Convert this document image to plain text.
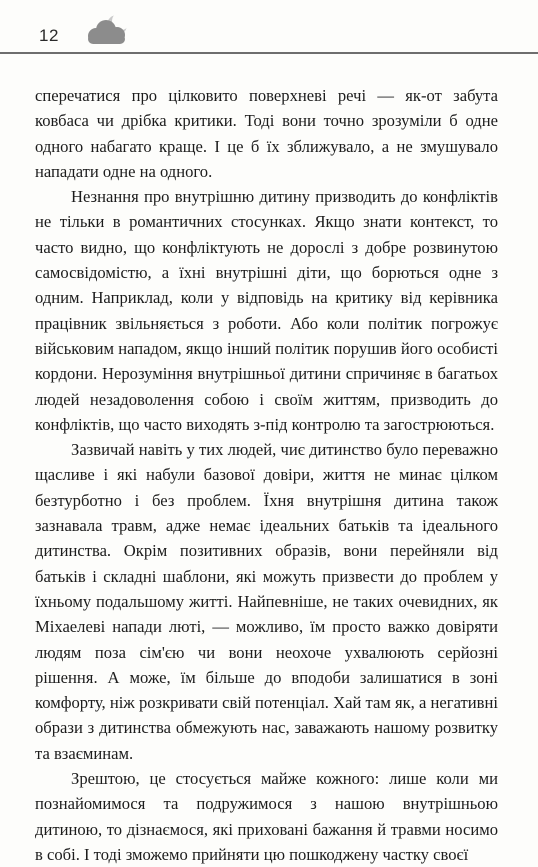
12

сперечатися про цілковито поверхневі речі — як-от забута ковбаса чи дрібка критики. Тоді вони точно зрозуміли б одне одного набагато краще. І це б їх зближувало, а не змушувало нападати одне на одного.

Незнання про внутрішню дитину призводить до конфліктів не тільки в романтичних стосунках. Якщо знати контекст, то часто видно, що конфліктують не дорослі з добре розвинутою самосвідомістю, а їхні внутрішні діти, що борються одне з одним. Наприклад, коли у відповідь на критику від керівника працівник звільняється з роботи. Або коли політик погрожує військовим нападом, якщо інший політик порушив його особисті кордони. Нерозуміння внутрішньої дитини спричиняє в багатьох людей незадоволення собою і своїм життям, призводить до конфліктів, що часто виходять з-під контролю та загострюються.

Зазвичай навіть у тих людей, чиє дитинство було переважно щасливе і які набули базової довіри, життя не минає цілком безтурботно і без проблем. Їхня внутрішня дитина також зазнавала травм, адже немає ідеальних батьків та ідеального дитинства. Окрім позитивних образів, вони перейняли від батьків і складні шаблони, які можуть призвести до проблем у їхньому подальшому житті. Найпевніше, не таких очевидних, як Міхаелеві напади люті, — можливо, їм просто важко довіряти людям поза сім'єю чи вони неохоче ухвалюють серйозні рішення. А може, їм більше до вподоби залишатися в зоні комфорту, ніж розкривати свій потенціал. Хай там як, а негативні образи з дитинства обмежують нас, заважають нашому розвитку та взаєминам.

Зрештою, це стосується майже кожного: лише коли ми познайомимося та подружимося з нашою внутрішньою дитиною, то дізнаємося, які приховані бажання й травми носимо в собі. І тоді зможемо прийняти цю пошкоджену частку своєї
